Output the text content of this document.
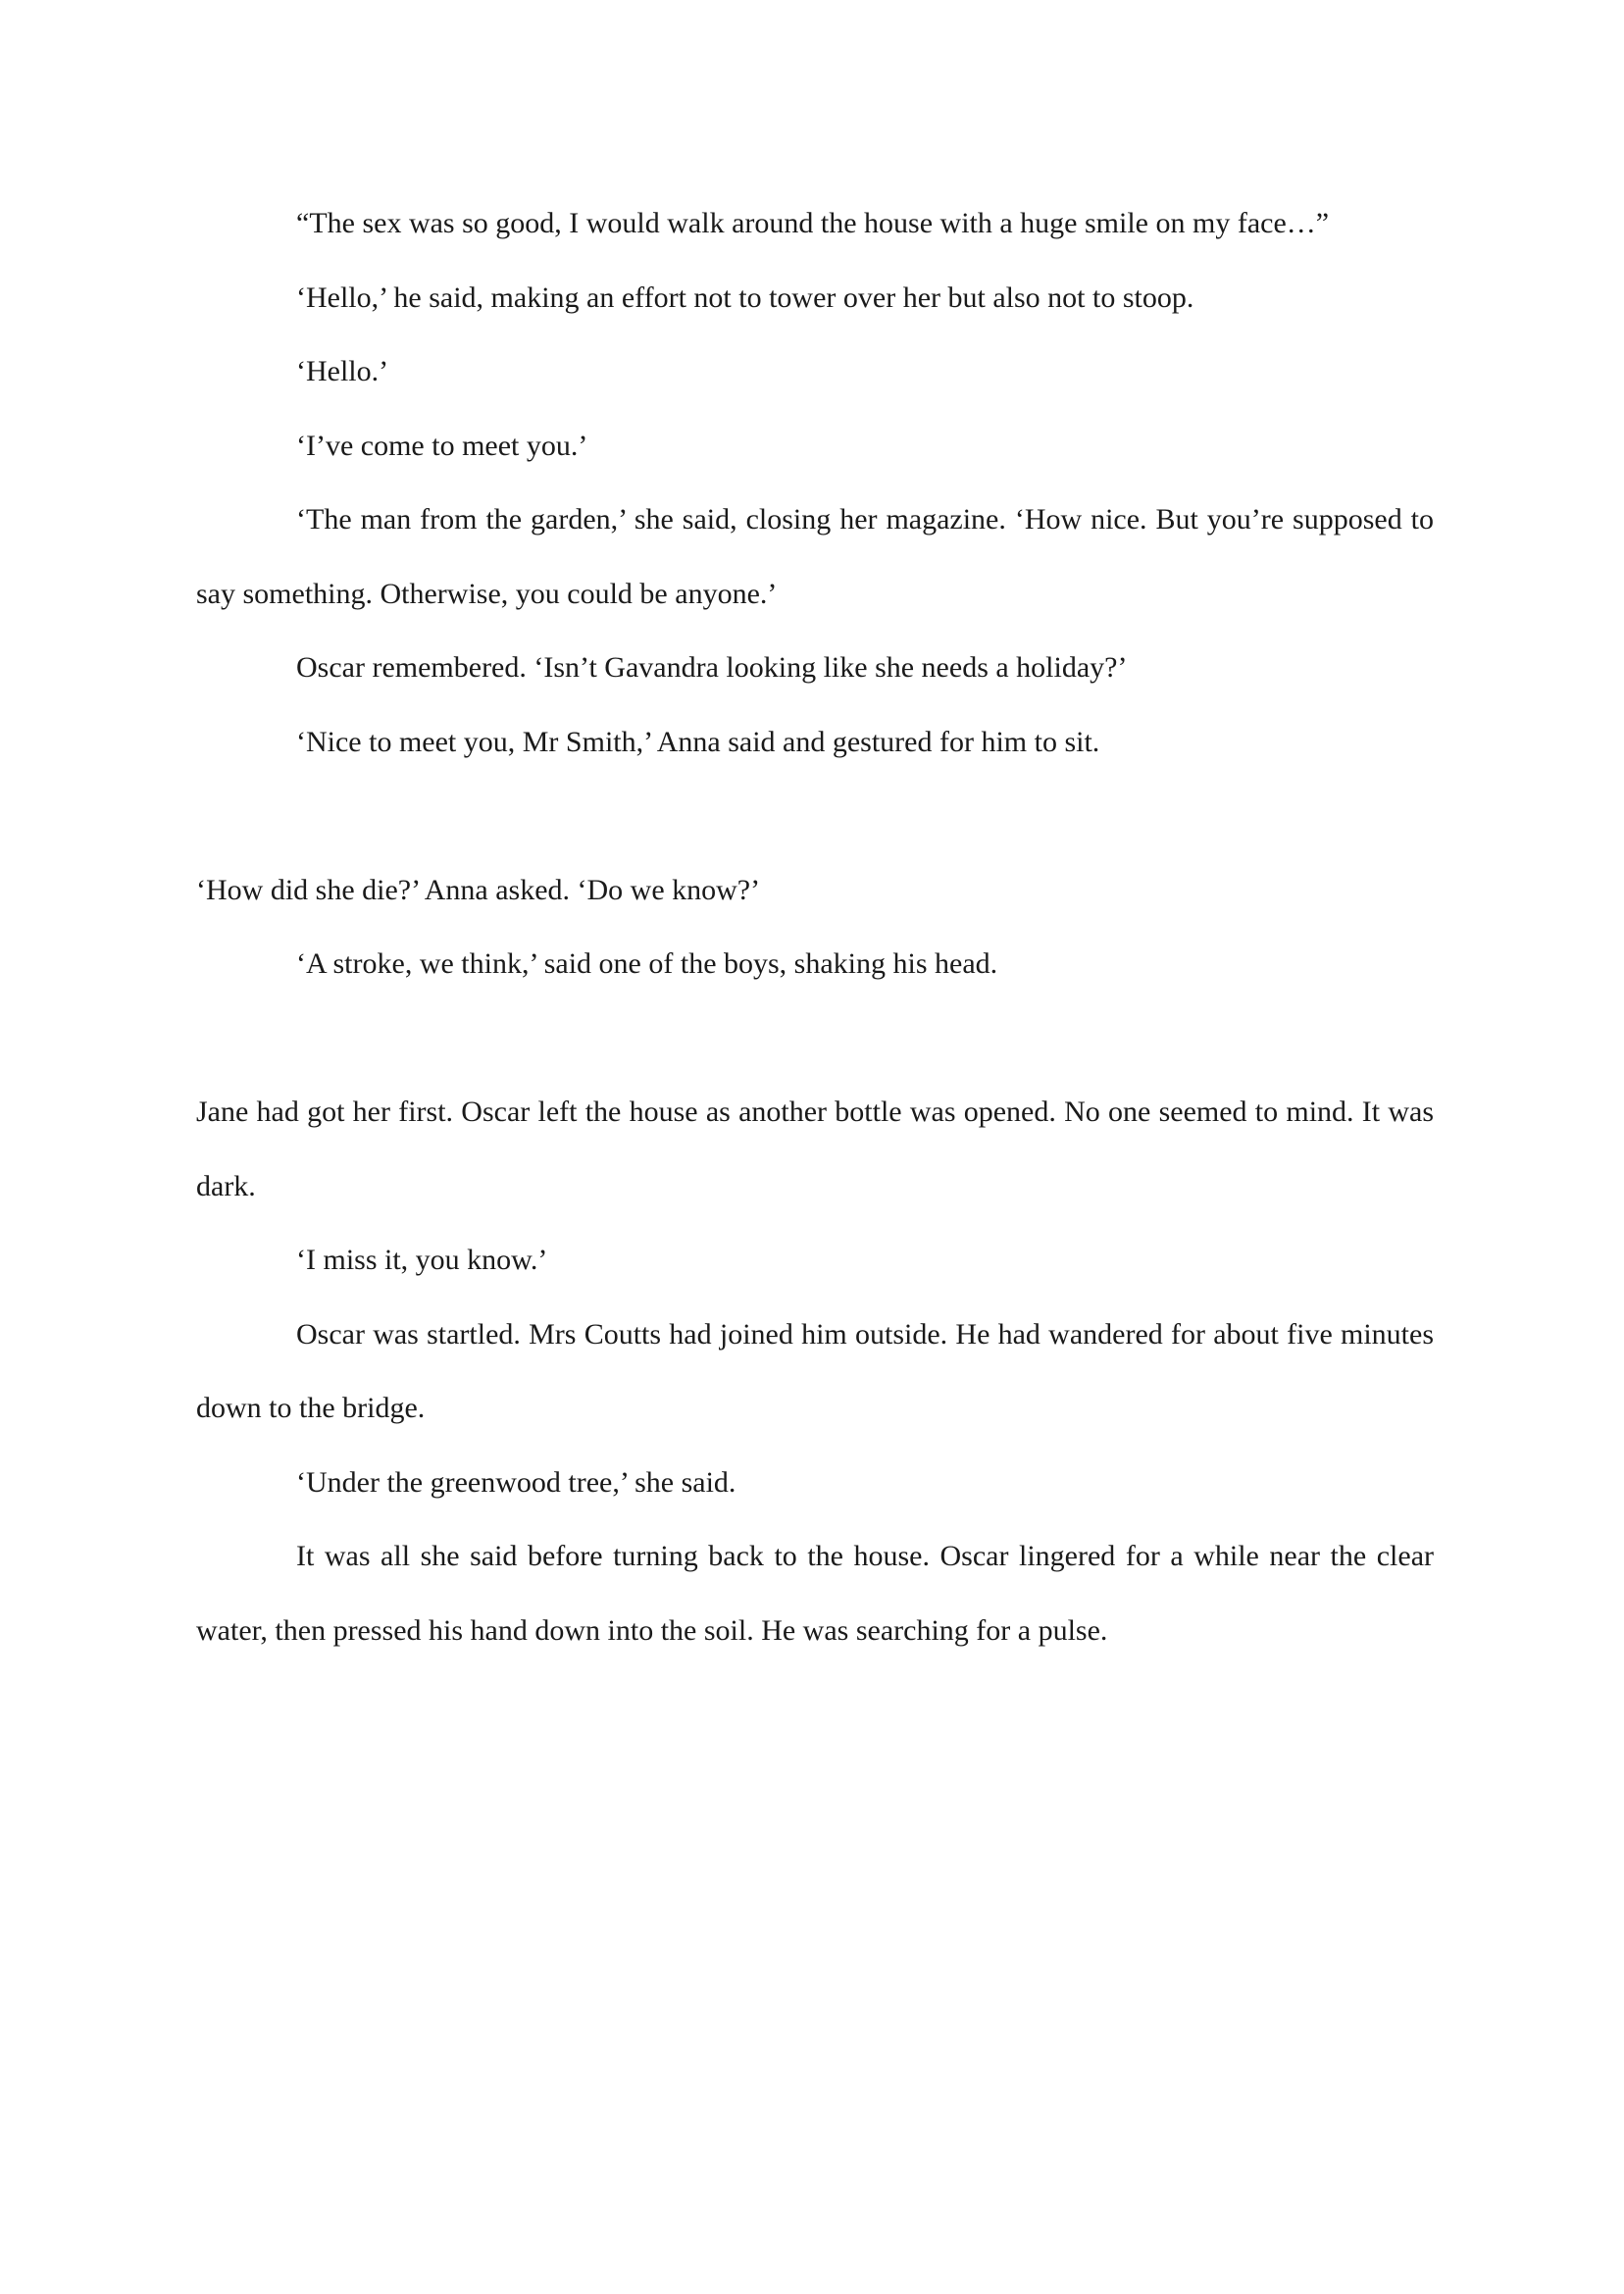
“The sex was so good, I would walk around the house with a huge smile on my face…”

‘Hello,’ he said, making an effort not to tower over her but also not to stoop.

‘Hello.’

‘I’ve come to meet you.’

‘The man from the garden,’ she said, closing her magazine. ‘How nice. But you’re supposed to say something. Otherwise, you could be anyone.’

Oscar remembered. ‘Isn’t Gavandra looking like she needs a holiday?’

‘Nice to meet you, Mr Smith,’ Anna said and gestured for him to sit.

‘How did she die?’ Anna asked. ‘Do we know?’

‘A stroke, we think,’ said one of the boys, shaking his head.

Jane had got her first. Oscar left the house as another bottle was opened. No one seemed to mind. It was dark.

‘I miss it, you know.’

Oscar was startled. Mrs Coutts had joined him outside. He had wandered for about five minutes down to the bridge.

‘Under the greenwood tree,’ she said.

It was all she said before turning back to the house. Oscar lingered for a while near the clear water, then pressed his hand down into the soil. He was searching for a pulse.
